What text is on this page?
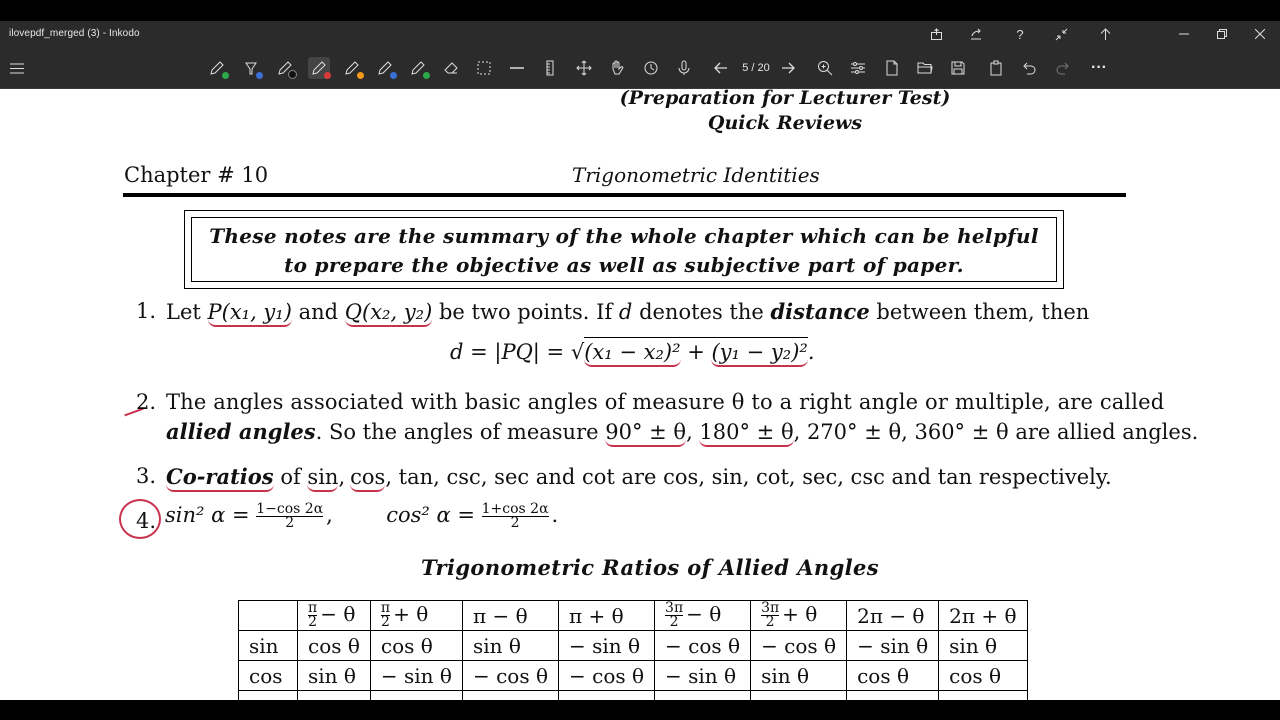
ilovepdf_merged (3) - Inkodo	?
5 / 20	···
(Preparation for Lecturer Test)
Quick Reviews
Chapter # 10	Trigonometric Identities
These notes are the summary of the whole chapter which can be helpful
to prepare the objective as well as subjective part of paper.
1. Let P(x₁, y₁) and Q(x₂, y₂) be two points. If d denotes the distance between them, then
d = |PQ| = √(x₁ − x₂)² + (y₁ − y₂)².
2. The angles associated with basic angles of measure θ to a right angle or multiple, are called
allied angles. So the angles of measure 90° ± θ, 180° ± θ, 270° ± θ, 360° ± θ are allied angles.
3. Co-ratios of sin, cos, tan, csc, sec and cot are cos, sin, cot, sec, csc and tan respectively.
4. sin² $\alpha = \frac{1-\cos 2\alpha}{2}$ ,  cos² $\alpha = \frac{1+\cos 2\alpha}{2}$ .
Trigonometric Ratios of Allied Angles

	$\frac{\pi}{2} - \theta$	$\frac{\pi}{2} + \theta$	π − θ	π + θ	$\frac{3\pi}{2} - \theta$	$\frac{3\pi}{2} + \theta$	2π − θ	2π + θ
sin	cos θ	cos θ	sin θ	− sin θ	− cos θ	− cos θ	− sin θ	sin θ
cos	sin θ	− sin θ	− cos θ	− cos θ	− sin θ	sin θ	cos θ	cos θ
